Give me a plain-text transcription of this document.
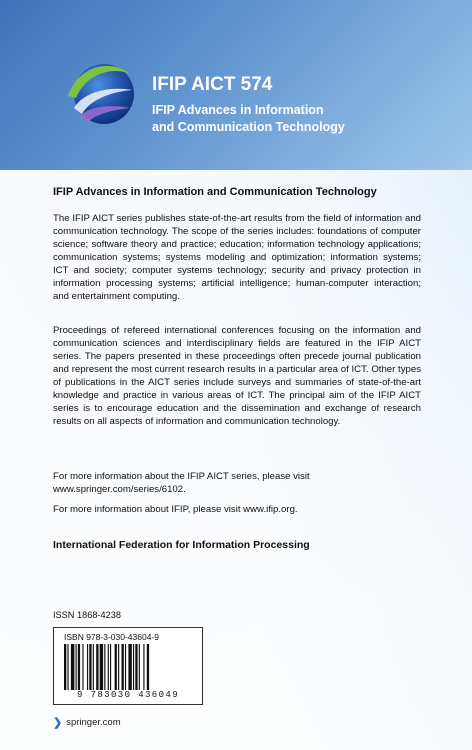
IFIP AICT 574
IFIP Advances in Information
and Communication Technology
IFIP Advances in Information and Communication Technology

The IFIP AICT series publishes state-of-the-art results from the field of information and communication technology. The scope of the series includes: foundations of computer science; software theory and practice; education; information technology applications; communication systems; systems modeling and optimization; information systems; ICT and society; computer systems technology; security and privacy protection in information processing systems; artificial intelligence; human-computer interaction; and entertainment computing.

Proceedings of refereed international conferences focusing on the information and communication sciences and interdisciplinary fields are featured in the IFIP AICT series. The papers presented in these proceedings often precede journal publication and represent the most current research results in a particular area of ICT. Other types of publications in the AICT series include surveys and summaries of state-of-the-art knowledge and practice in various areas of ICT. The principal aim of the IFIP AICT series is to encourage education and the dissemination and exchange of research results on all aspects of information and communication technology.

For more information about the IFIP AICT series, please visit
www.springer.com/series/6102.
For more information about IFIP, please visit www.ifip.org.
International Federation for Information Processing
ISSN 1868-4238
ISBN 978-3-030-43604-9
9 783030 436049
❯ springer.com
